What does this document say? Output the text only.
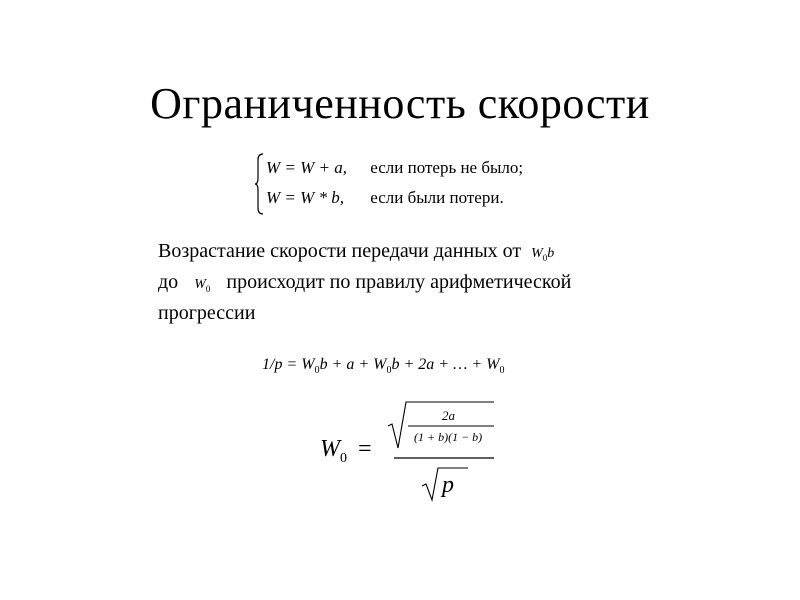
Ограниченность скорости
W = W + a, если потерь не было;
W = W * b, если были потери.
Возрастание скорости передачи данных от $W_0b$
до $W_0$ происходит по правилу арифметической
прогрессии
$1/p = W_0b + a + W_0b + 2a$ + … + $W_0$
$W_0$ =
2a
(1 + b)(1 − b)
p
